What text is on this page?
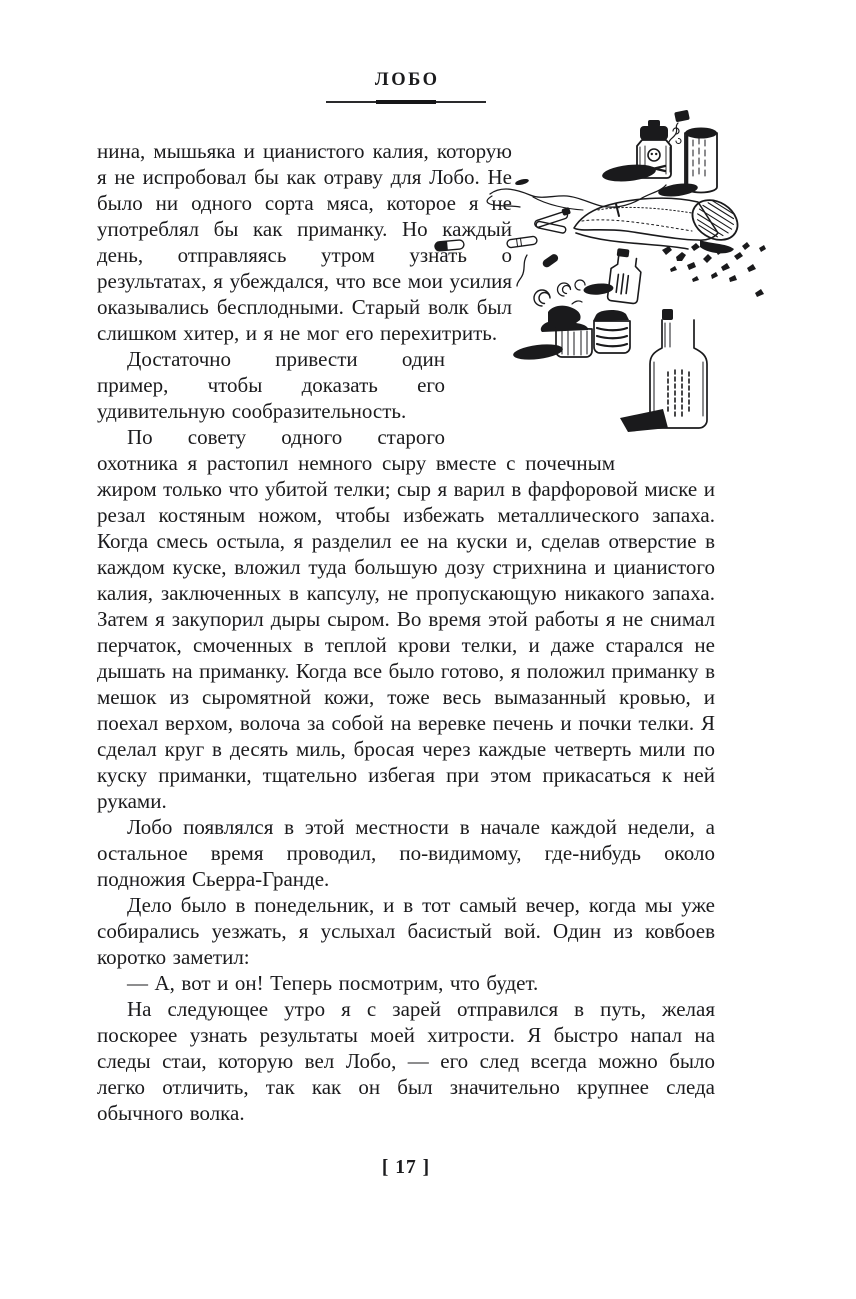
ЛОБО

нина, мышьяка и цианистого калия, которую я не испробовал бы как отраву для Лобо. Не было ни одного сорта мяса, которое я не употреблял бы как приманку. Но каждый день, отправляясь утром узнать о результатах, я убеждался, что все мои усилия оказывались бесплодными. Старый волк был слишком хитер, и я не мог его перехитрить.

Достаточно привести один пример, чтобы доказать его удивительную сообразительность.

По совету одного старого охотника я растопил немного сыру вместе с почечным жиром только что убитой телки; сыр я варил в фарфоровой миске и резал костяным ножом, чтобы избежать металлического запаха. Когда смесь остыла, я разделил ее на куски и, сделав отверстие в каждом куске, вложил туда большую дозу стрихнина и цианистого калия, заключенных в капсулу, не пропускающую никакого запаха. Затем я закупорил дыры сыром. Во время этой работы я не снимал перчаток, смоченных в теплой крови телки, и даже старался не дышать на приманку. Когда все было готово, я положил приманку в мешок из сыромятной кожи, тоже весь вымазанный кровью, и поехал верхом, волоча за собой на веревке печень и почки телки. Я сделал круг в десять миль, бросая через каждые четверть мили по куску приманки, тщательно избегая при этом прикасаться к ней руками.

Лобо появлялся в этой местности в начале каждой недели, а остальное время проводил, по-видимому, где-нибудь около подножия Сьерра-Гранде.

Дело было в понедельник, и в тот самый вечер, когда мы уже собирались уезжать, я услыхал басистый вой. Один из ковбоев коротко заметил:

— А, вот и он! Теперь посмотрим, что будет.

На следующее утро я с зарей отправился в путь, желая поскорее узнать результаты моей хитрости. Я быстро напал на следы стаи, которую вел Лобо, — его след всегда можно было легко отличить, так как он был значительно крупнее следа обычного волка.

[ 17 ]
